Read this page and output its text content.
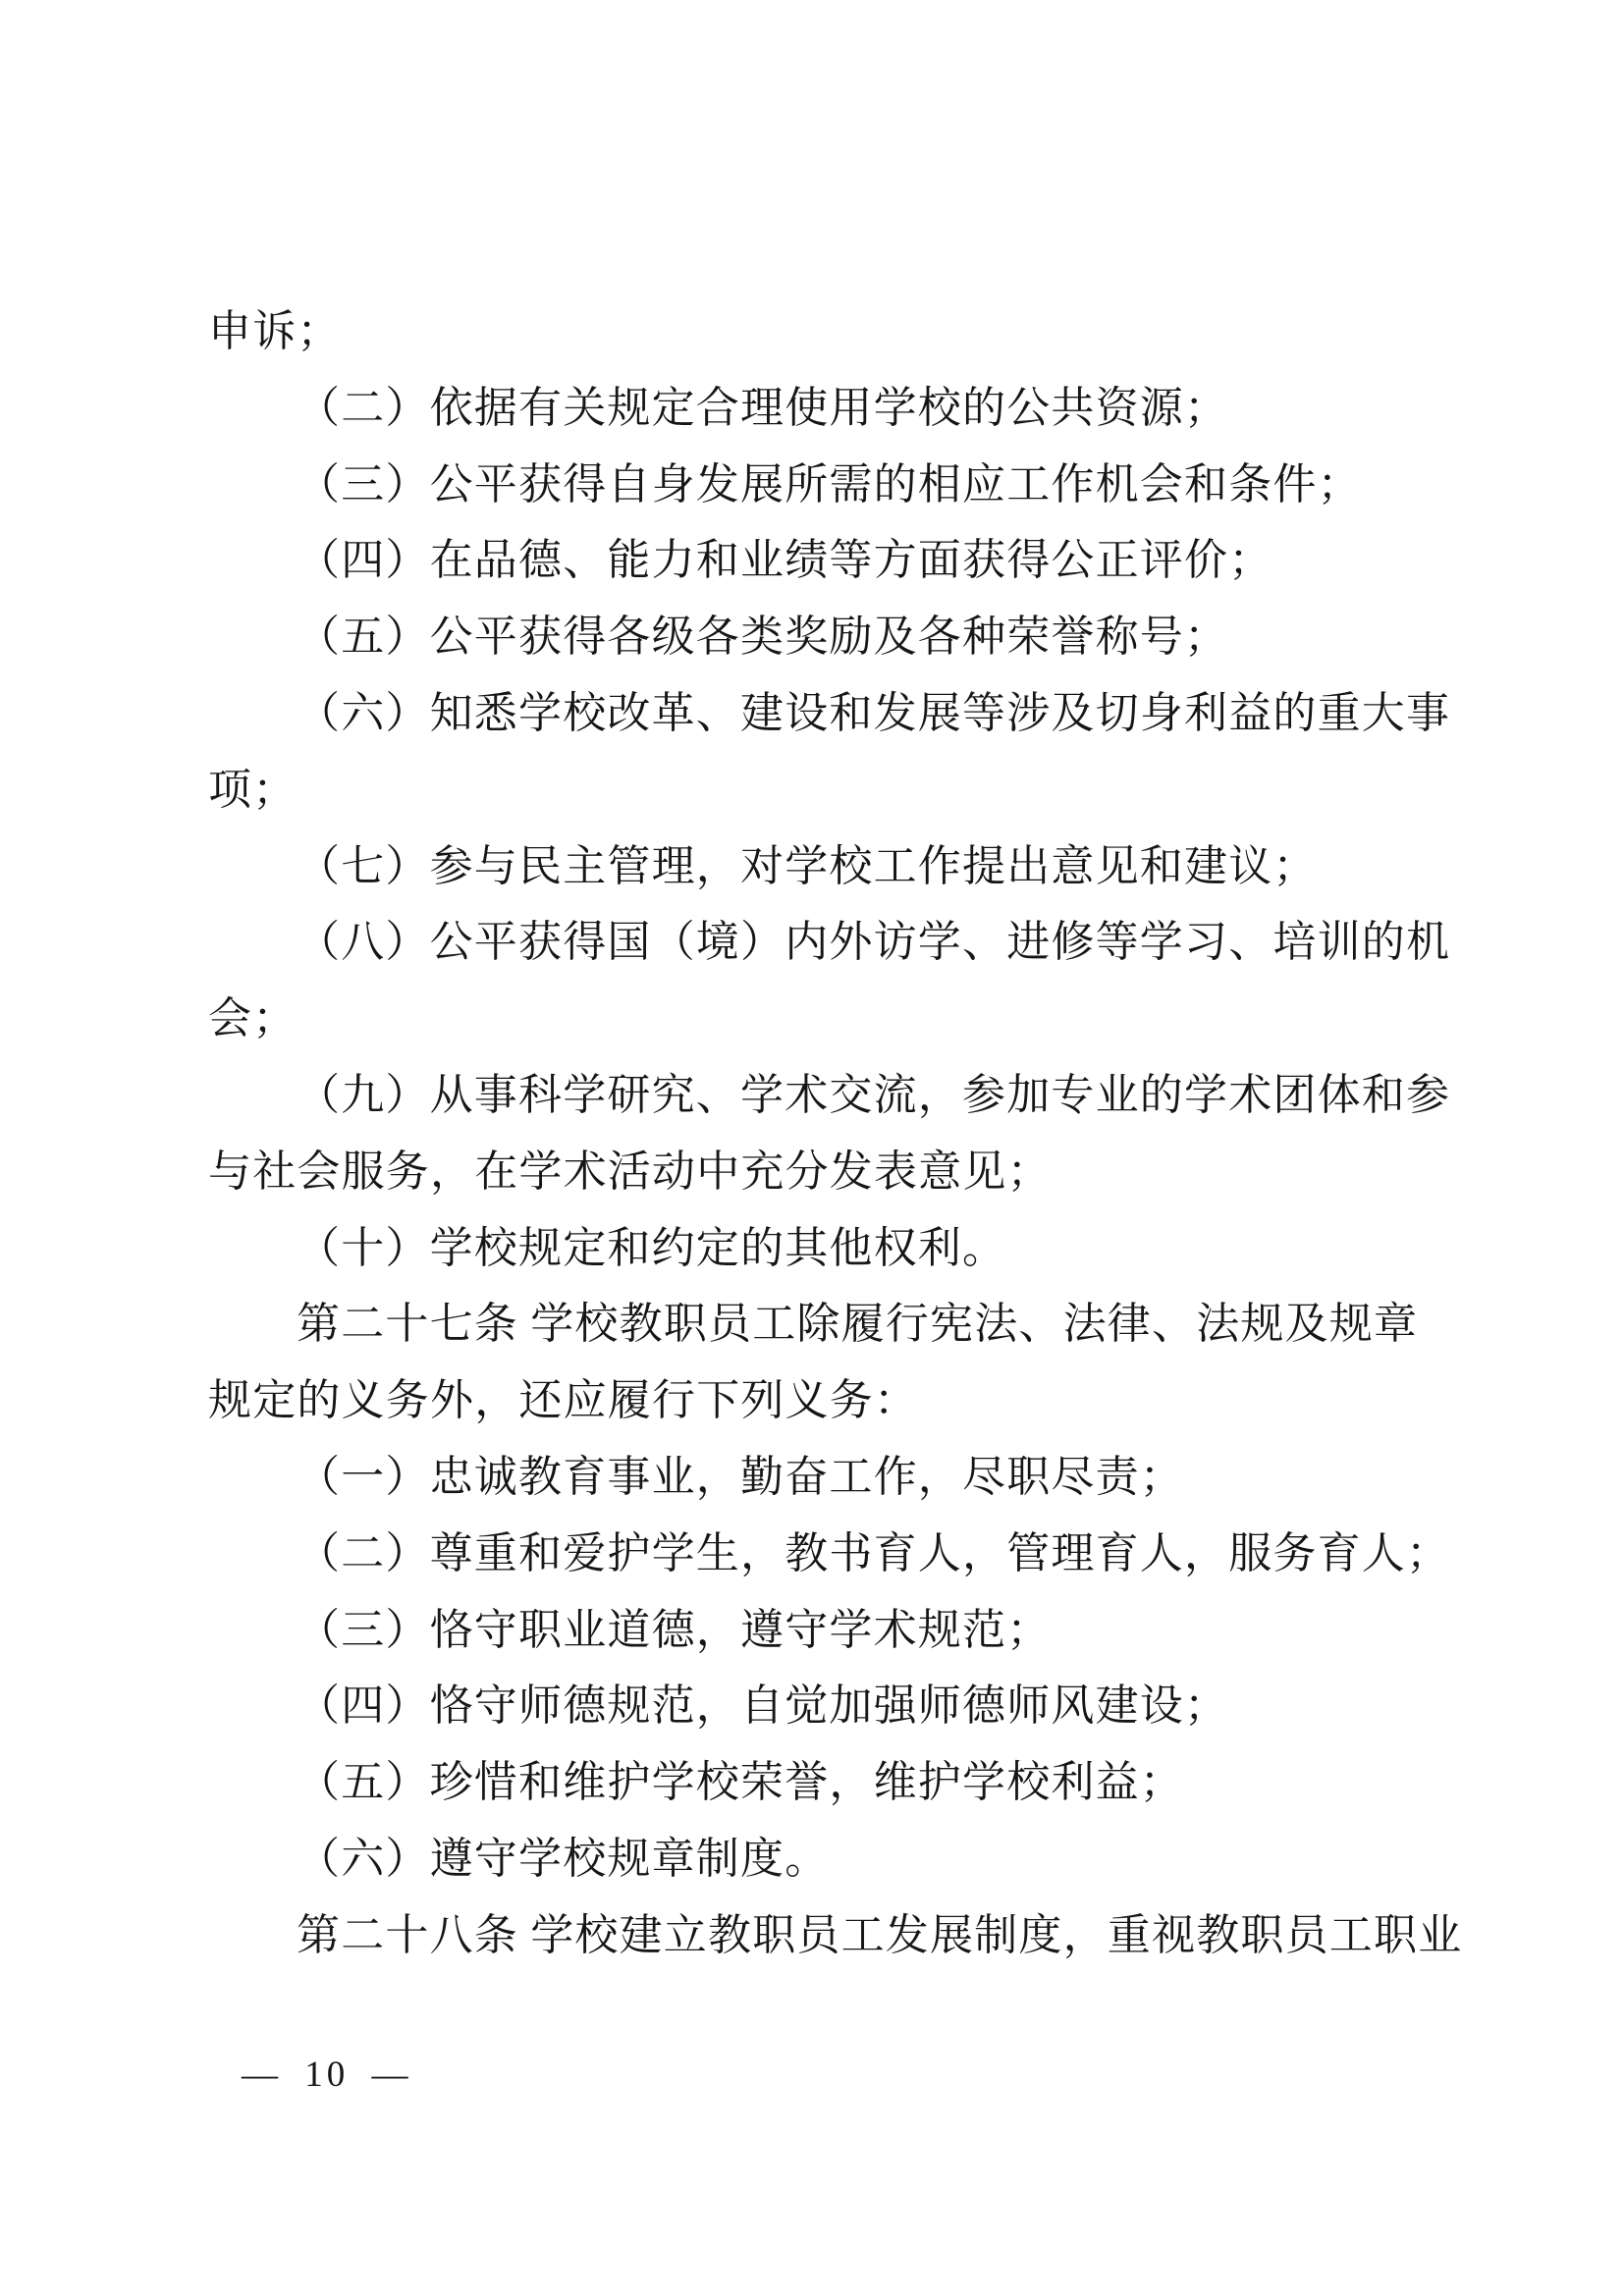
申诉；
（二）依据有关规定合理使用学校的公共资源；
（三）公平获得自身发展所需的相应工作机会和条件；
（四）在品德、能力和业绩等方面获得公正评价；
（五）公平获得各级各类奖励及各种荣誉称号；
（六）知悉学校改革、建设和发展等涉及切身利益的重大事
项；
（七）参与民主管理，对学校工作提出意见和建议；
（八）公平获得国（境）内外访学、进修等学习、培训的机
会；
（九）从事科学研究、学术交流，参加专业的学术团体和参
与社会服务，在学术活动中充分发表意见；
（十）学校规定和约定的其他权利。
第二十七条 学校教职员工除履行宪法、法律、法规及规章
规定的义务外，还应履行下列义务：
（一）忠诚教育事业，勤奋工作，尽职尽责；
（二）尊重和爱护学生，教书育人，管理育人，服务育人；
（三）恪守职业道德，遵守学术规范；
（四）恪守师德规范，自觉加强师德师风建设；
（五）珍惜和维护学校荣誉，维护学校利益；
（六）遵守学校规章制度。
第二十八条 学校建立教职员工发展制度，重视教职员工职业
— 10 —
